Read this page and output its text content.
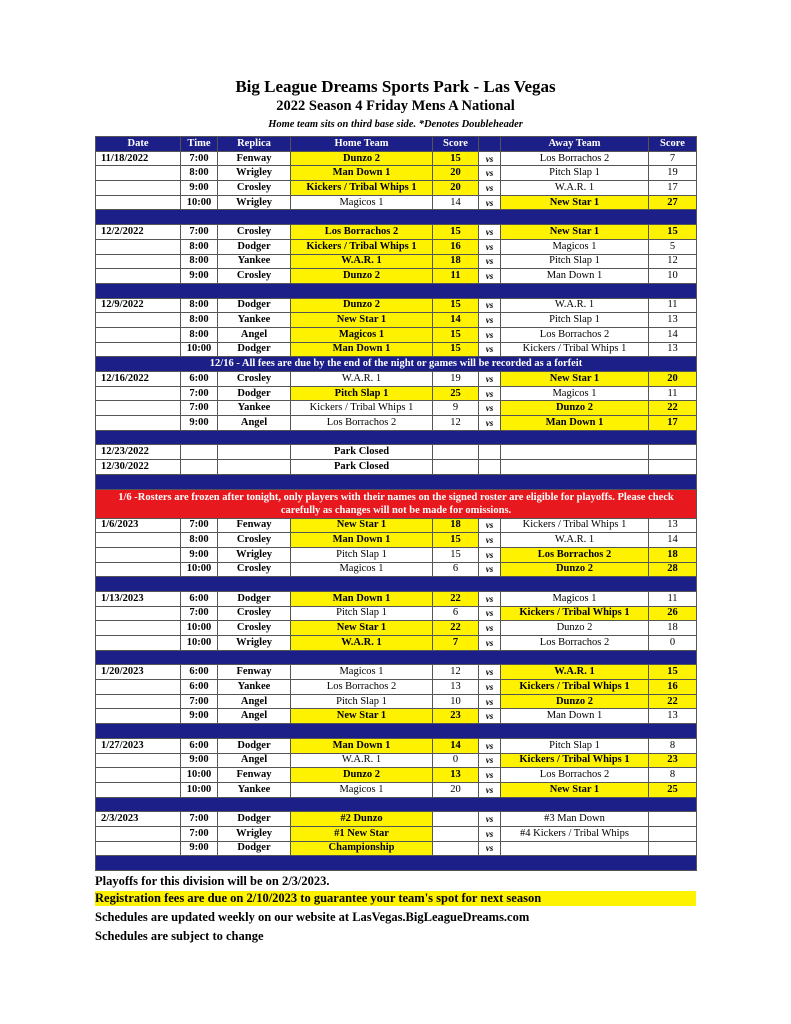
Big League Dreams Sports Park - Las Vegas
2022 Season 4 Friday Mens A National
Home team sits on third base side. *Denotes Doubleheader
Date	Time	Replica	Home Team	Score		Away Team	Score
11/18/2022	7:00	Fenway	Dunzo 2	15	vs	Los Borrachos 2	7
	8:00	Wrigley	Man Down 1	20	vs	Pitch Slap 1	19
	9:00	Crosley	Kickers / Tribal Whips 1	20	vs	W.A.R. 1	17
	10:00	Wrigley	Magicos 1	14	vs	New Star 1	27

12/2/2022	7:00	Crosley	Los Borrachos 2	15	vs	New Star 1	15
	8:00	Dodger	Kickers / Tribal Whips 1	16	vs	Magicos 1	5
	8:00	Yankee	W.A.R. 1	18	vs	Pitch Slap 1	12
	9:00	Crosley	Dunzo 2	11	vs	Man Down 1	10

12/9/2022	8:00	Dodger	Dunzo 2	15	vs	W.A.R. 1	11
	8:00	Yankee	New Star 1	14	vs	Pitch Slap 1	13
	8:00	Angel	Magicos 1	15	vs	Los Borrachos 2	14
	10:00	Dodger	Man Down 1	15	vs	Kickers / Tribal Whips 1	13
12/16 - All fees are due by the end of the night or games will be recorded as a forfeit							
12/16/2022	6:00	Crosley	W.A.R. 1	19	vs	New Star 1	20
	7:00	Dodger	Pitch Slap 1	25	vs	Magicos 1	11
	7:00	Yankee	Kickers / Tribal Whips 1	9	vs	Dunzo 2	22
	9:00	Angel	Los Borrachos 2	12	vs	Man Down 1	17

12/23/2022			Park Closed				
12/30/2022			Park Closed				

1/6 -Rosters are frozen after tonight, only players with their names on the signed roster are eligible for playoffs. Please check carefully as changes will not be made for omissions.							
1/6/2023	7:00	Fenway	New Star 1	18	vs	Kickers / Tribal Whips 1	13
	8:00	Crosley	Man Down 1	15	vs	W.A.R. 1	14
	9:00	Wrigley	Pitch Slap 1	15	vs	Los Borrachos 2	18
	10:00	Crosley	Magicos 1	6	vs	Dunzo 2	28

1/13/2023	6:00	Dodger	Man Down 1	22	vs	Magicos 1	11
	7:00	Crosley	Pitch Slap 1	6	vs	Kickers / Tribal Whips 1	26
	10:00	Crosley	New Star 1	22	vs	Dunzo 2	18
	10:00	Wrigley	W.A.R. 1	7	vs	Los Borrachos 2	0

1/20/2023	6:00	Fenway	Magicos 1	12	vs	W.A.R. 1	15
	6:00	Yankee	Los Borrachos 2	13	vs	Kickers / Tribal Whips 1	16
	7:00	Angel	Pitch Slap 1	10	vs	Dunzo 2	22
	9:00	Angel	New Star 1	23	vs	Man Down 1	13

1/27/2023	6:00	Dodger	Man Down 1	14	vs	Pitch Slap 1	8
	9:00	Angel	W.A.R. 1	0	vs	Kickers / Tribal Whips 1	23
	10:00	Fenway	Dunzo 2	13	vs	Los Borrachos 2	8
	10:00	Yankee	Magicos 1	20	vs	New Star 1	25

2/3/2023	7:00	Dodger	#2 Dunzo		vs	#3 Man Down	
	7:00	Wrigley	#1 New Star		vs	#4 Kickers / Tribal Whips	
	9:00	Dodger	Championship		vs		

Playoffs for this division will be on 2/3/2023.
Registration fees are due on 2/10/2023 to guarantee your team's spot for next season
Schedules are updated weekly on our website at LasVegas.BigLeagueDreams.com
Schedules are subject to change
